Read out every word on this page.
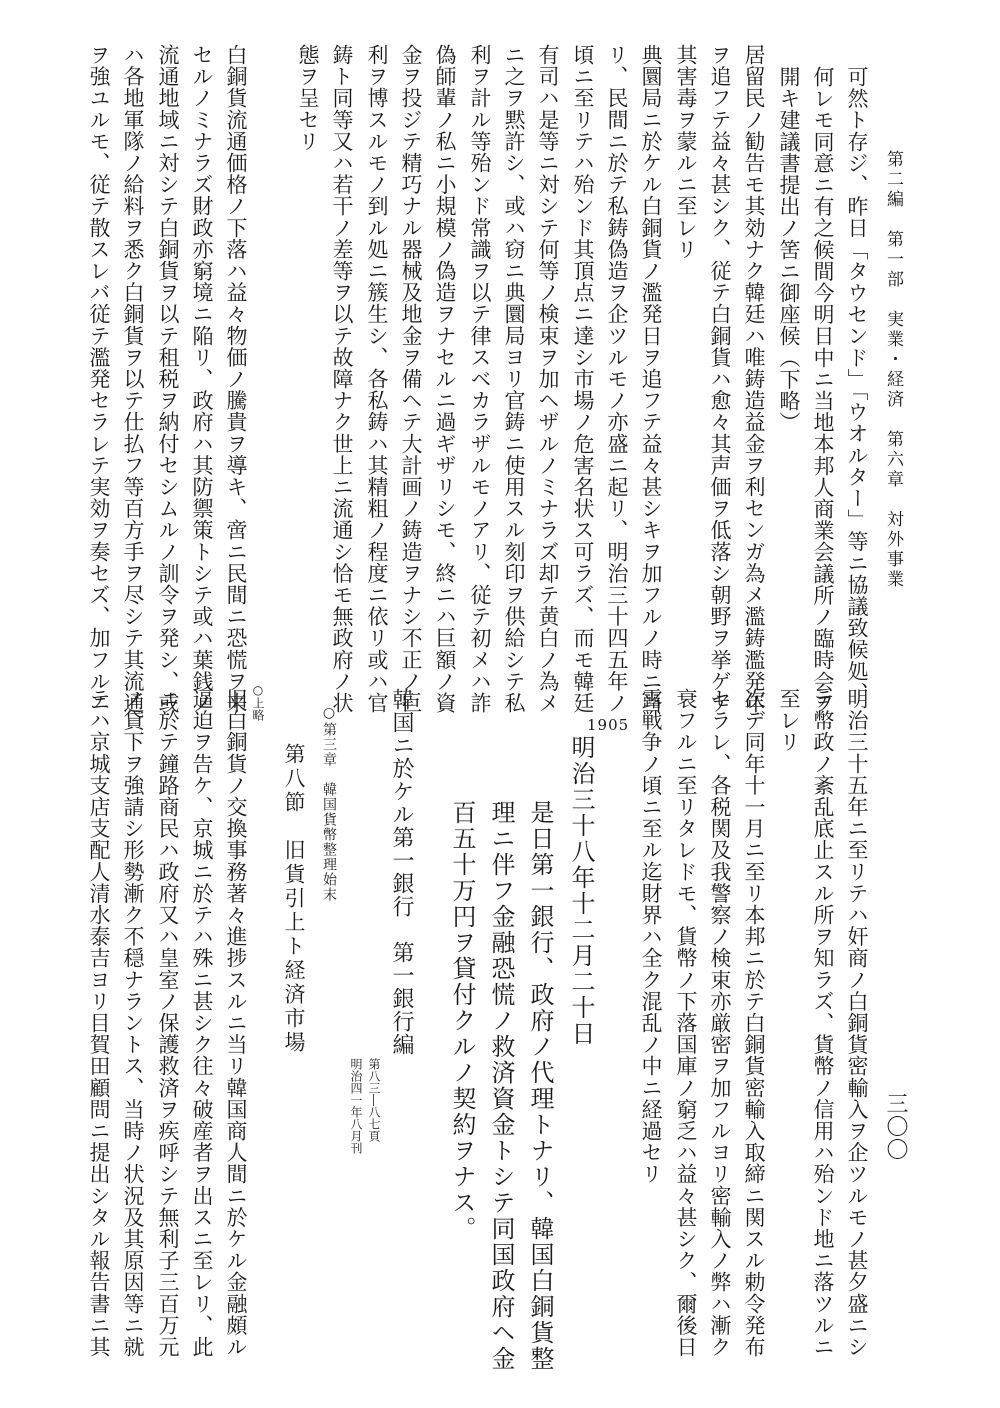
第二編　第一部　実業・経済　第六章　対外事業
三〇〇
可然ト存ジ、昨日「タウセンド」「ウオルター」等ニ協議致候処、
何レモ同意ニ有之候間今明日中ニ当地本邦人商業会議所ノ臨時会ヲ
開キ建議書提出ノ筈ニ御座候（下略）
居留民ノ勧告モ其効ナク韓廷ハ唯鋳造益金ヲ利センガ為メ濫鋳濫発年
ヲ追フテ益々甚シク、従テ白銅貨ハ愈々其声価ヲ低落シ朝野ヲ挙ゲテ
其害毒ヲ蒙ルニ至レリ
典圜局ニ於ケル白銅貨ノ濫発日ヲ追フテ益々甚シキヲ加フルノ時ニ当
リ、民間ニ於テ私鋳偽造ヲ企ツルモノ亦盛ニ起リ、明治三十四五年ノ
頃ニ至リテハ殆ンド其頂点ニ達シ市場ノ危害名状ス可ラズ、而モ韓廷
有司ハ是等ニ対シテ何等ノ検束ヲ加ヘザルノミナラズ却テ黄白ノ為メ
ニ之ヲ黙許シ、或ハ窃ニ典圜局ヨリ官鋳ニ使用スル刻印ヲ供給シテ私
利ヲ計ル等殆ンド常識ヲ以テ律スベカラザルモノアリ、従テ初メハ詐
偽師輩ノ私ニ小規模ノ偽造ヲナセルニ過ギザリシモ、終ニハ巨額ノ資
金ヲ投ジテ精巧ナル器械及地金ヲ備ヘテ大計画ノ鋳造ヲナシ不正ノ巨
利ヲ博スルモノ到ル処ニ簇生シ、各私鋳ハ其精粗ノ程度ニ依リ或ハ官
鋳ト同等又ハ若干ノ差等ヲ以テ故障ナク世上ニ流通シ恰モ無政府ノ状
態ヲ呈セリ
白銅貨流通価格ノ下落ハ益々物価ノ騰貴ヲ導キ、啻ニ民間ニ恐慌ヲ来
セルノミナラズ財政亦窮境ニ陥リ、政府ハ其防禦策トシテ或ハ葉銭ノ
流通地域ニ対シテ白銅貨ヲ以テ租税ヲ納付セシムルノ訓令ヲ発シ、或
ハ各地軍隊ノ給料ヲ悉ク白銅貨ヲ以テ仕払フ等百方手ヲ尽シテ其流通
ヲ強ユルモ、従テ散スレバ従テ濫発セラレテ実効ヲ奏セズ、加フルニ
明治三十五年ニ至リテハ奸商ノ白銅貨密輸入ヲ企ツルモノ甚夕盛ニシ
テ幣政ノ紊乱底止スル所ヲ知ラズ、貨幣ノ信用ハ殆ンド地ニ落ツルニ
至レリ
次デ同年十一月ニ至リ本邦ニ於テ白銅貨密輸入取締ニ関スル勅令発布
セラレ、各税関及我警察ノ検束亦厳密ヲ加フルヨリ密輸入ノ弊ハ漸ク
衰フルニ至リタレドモ、貨幣ノ下落国庫ノ窮乏ハ益々甚シク、爾後日
露戦争ノ頃ニ至ル迄財界ハ全ク混乱ノ中ニ経過セリ
1905
明治三十八年十二月二十日
是日第一銀行、政府ノ代理トナリ、韓国白銅貨整
理ニ伴フ金融恐慌ノ救済資金トシテ同国政府ヘ金
百五十万円ヲ貸付クルノ契約ヲナス。
韓国ニ於ケル第一銀行　第一銀行編
第八三―八七頁
明治四一年八月刊
○第三章　韓国貨幣整理始末
第八節　旧貨引上ト経済市場
○上略
旧白銅貨ノ交換事務著々進捗スルニ当リ韓国商人間ニ於ケル金融頗ル
逼迫ヲ告ケ、京城ニ於テハ殊ニ甚シク往々破産者ヲ出スニ至レリ、此
ニ於テ鐘路商民ハ政府又ハ皇室ノ保護救済ヲ疾呼シテ無利子三百万元
ノ貸下ヲ強請シ形勢漸ク不穏ナラントス、当時ノ状況及其原因等ニ就
テハ京城支店支配人清水泰吉ヨリ目賀田顧問ニ提出シタル報告書ニ其
